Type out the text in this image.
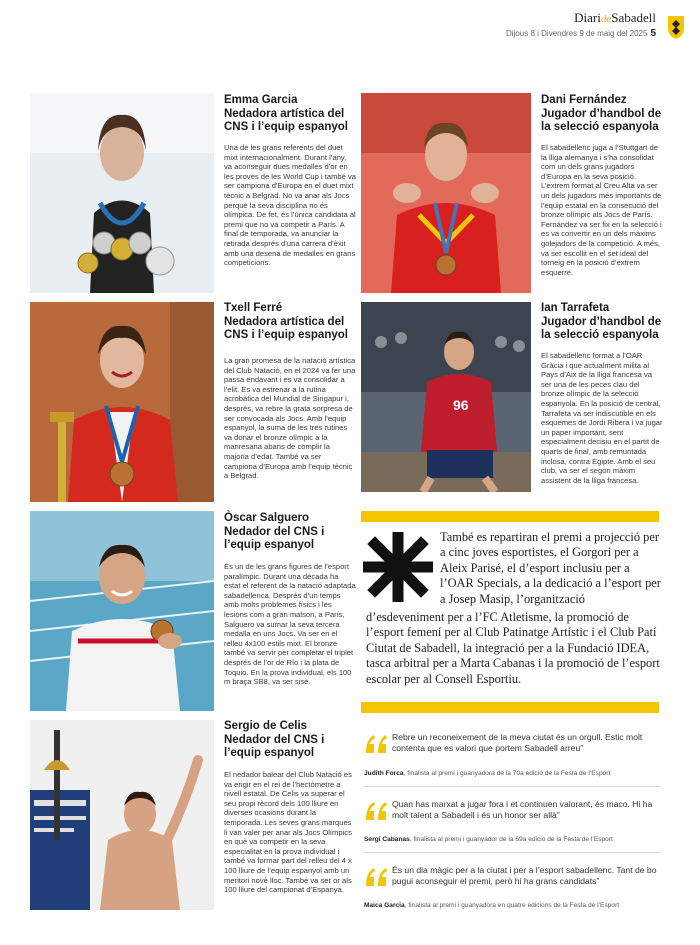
DiarideSabadell
Dijous 8 i Divendres 9 de maig del 2025 5
Emma Garcia
Nedadora artística del CNS i l’equip espanyol
Una de les grans referents del duet mixt internacionalment. Durant l’any, va aconseguir dues medalles d’or en les proves de les World Cup i també va ser campiona d’Europa en el duet mixt tècnic a Belgrad. No va anar als Jocs perquè la seva disciplina no és olímpica. De fet, és l’única candidata al premi que no va competir a París. A final de temporada, va anunciar la retirada després d’una carrera d’èxit amb una desena de medalles en grans competicions.
Txell Ferré
Nedadora artística del CNS i l’equip espanyol
La gran promesa de la natació artística del Club Natació, en el 2024 va fer una passa endavant i es va consolidar a l’elit. Es va estrenar a la rutina acrobàtica del Mundial de Singapur i, després, va rebre la grata sorpresa de ser convocada als Jocs. Amb l’equip espanyol, la suma de les tres rutines va donar el bronze olímpic a la manresana abans de complir la majoria d’edat. També va ser campiona d’Europa amb l’equip tècnic a Belgrad.
Òscar Salguero
Nedador del CNS i l’equip espanyol
És un de les grans figures de l’esport paralímpic. Durant una dècada ha estat el referent de la natació adaptada sabadellenca. Després d’un temps amb molts problemes físics i les lesions com a gran malson, a París, Salguero va sumar la seva tercera medalla en uns Jocs. Va ser en el relleu 4x100 estils mixt. El bronze també va servir per completar el triplet després de l’or de Río i la plata de Toquio. En la prova individual, els 100 m braça SB8, va ser sisè.
Sergio de Celis
Nedador del CNS i l’equip espanyol
El nedador balear del Club Natació es va erigir en el rei de l’hectòmetre a nivell estatal. De Celis va superar el seu propi rècord dels 100 lliure en diverses ocasions durant la temporada. Les seves grans marques li van valer per anar als Jocs Olímpics en què va competir en la seva especialitat en la prova individual i també va formar part del relleu del 4 x 100 lliure de l’equip espanyol amb un meritori novè lloc. També va ser or als 100 lliure del campionat d’Espanya.
Dani Fernández
Jugador d’handbol de la selecció espanyola
El sabadellenc juga a l’Stuttgart de la lliga alemanya i s’ha consolidat com un dels grans jugadors d’Europa en la seva posició. L’extrem format al Creu Alta va ser un dels jugadors més importants de l’equip estatal en la consecució del bronze olímpic als Jocs de París. Fernández va ser fix en la selecció i es va convertir en un dels màxims golejadors de la competició. A més, va ser escollit en el set ideal del torneig en la posició d’extrem esquerre.
96
Ian Tarrafeta
Jugador d’handbol de la selecció espanyola
El sabadellenc format a l’OAR Gràcia i que actualment milita al Pays d’Aix de la lliga francesa va ser una de les peces clau del bronze olímpic de la selecció espanyola. En la posició de central, Tarrafeta va ser indiscutible en els esquemes de Jordi Ribera i va jugar un paper important, sent especialment decisiu en el partit de quarts de final, amb remuntada inclosa, contra Egipte. Amb el seu club, va ser el segon màxim assistent de la lliga francesa.
També es repartiran el premi a projecció per a cinc joves esportistes, el Gorgori per a Aleix Parisé, el d’esport inclusiu per a l’OAR Specials, a la dedicació a l’esport per a Josep Masip, l’organització
d’esdeveniment per a l’FC Atletisme, la promoció de l’esport femení per al Club Patinatge Artístic i el Club Patí Ciutat de Sabadell, la integració per a la Fundació IDEA, tasca arbitral per a Marta Cabanas i la promoció de l’esport escolar per al Consell Esportiu.
Rebre un reconeixement de la meva ciutat és un orgull. Estic molt contenta que es valori que portem Sabadell arreu”
Judith Forca, finalista al premi i guanyadora de la 70a edició de la Festa de l’Esport
Quan has marxat a jugar fora i et continuen valorant, és maco. Hi ha molt talent a Sabadell i és un honor ser allà”
Sergi Cabanas, finalista al premi i guanyador de la 69a edició de la Festa de l’Esport
És un dia màgic per a la ciutat i per a l’esport sabadellenc. Tant de bo pugui aconseguir el premi, però hi ha grans candidats”
Maica Garcia, finalista al premi i guanyadora en quatre edicions de la Festa de l’Esport
